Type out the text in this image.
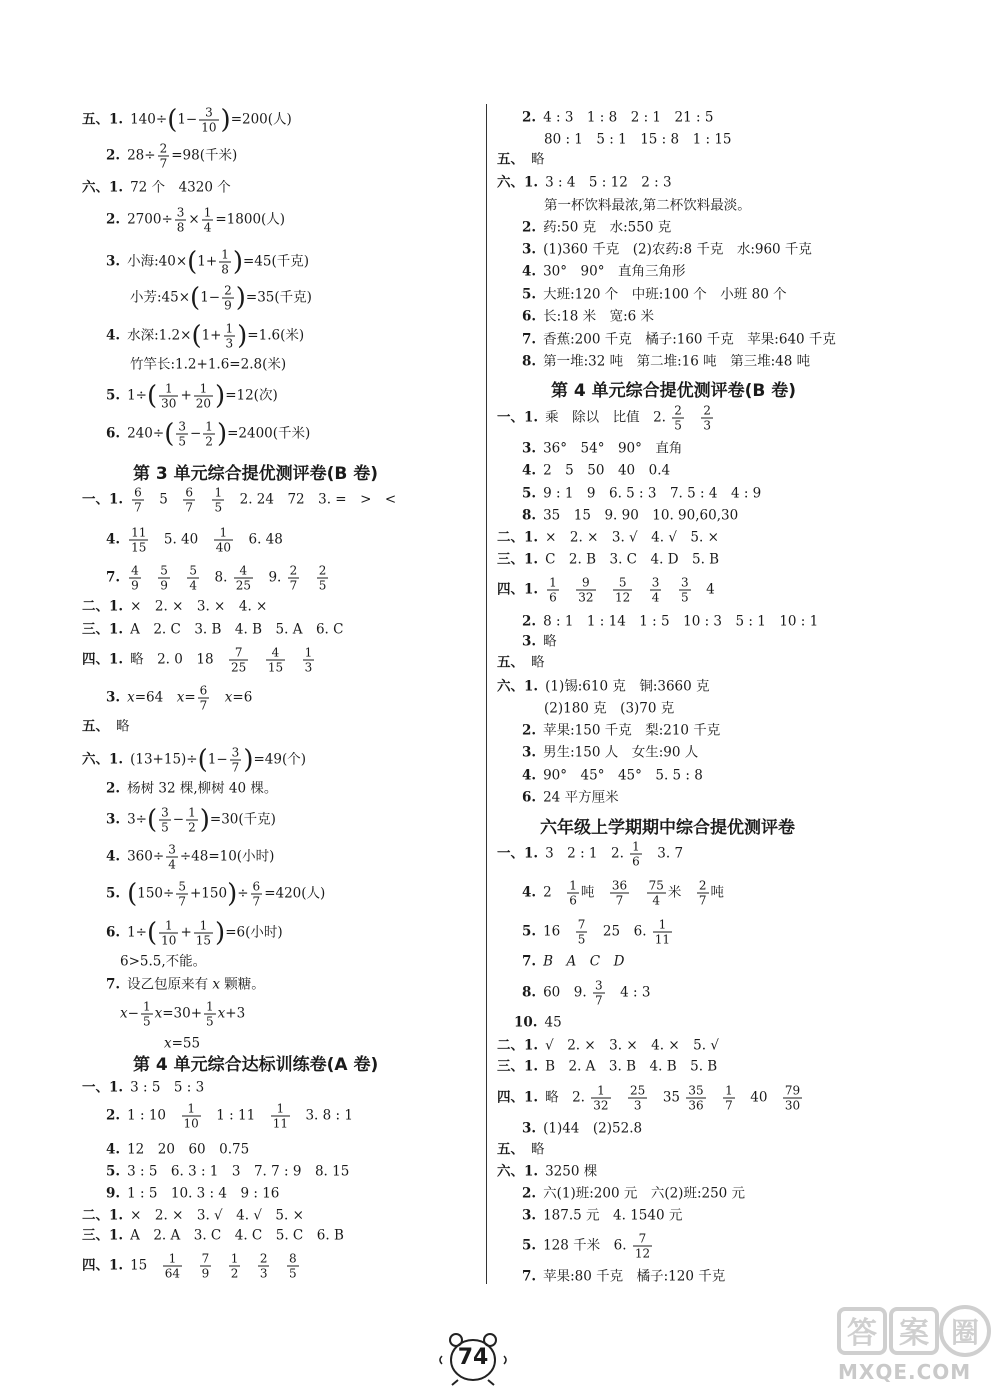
五、1. $140\div(1- \frac{3}{10} )=200$(人)
2. $28\div \frac{2}{7} =98$(千米)
六、1. 72 个　4320 个
2. $2700\div \frac{3}{8} \times \frac{1}{4} =1800$(人)
3. 小海:40×(1+ $\frac{1}{8} )=45$(千克)
小芳:45×(1− $\frac{2}{9} )=35$(千克)
4. 水深:1.2×(1+ $\frac{1}{3} )=1.6$(米)
竹竿长:1.2+1.6=2.8(米)
5. $1\div( \frac{1}{30} + \frac{1}{20} )=12$(次)
6. $240\div( \frac{3}{5} - \frac{1}{2} )=2400$(千米)
第 3 单元综合提优测评卷(B 卷)
一、1. $\frac{6}{7}$ 　5　 $\frac{6}{7}$
　 $\frac{1}{5}$ 　2. 24　72　3. =　>　<
4. $\frac{11}{15}$ 　5. 40　 $\frac{1}{40}$ 　6. 48
7. $\frac{4}{9}$
　 $\frac{5}{9}$
　 $\frac{5}{4}$ 　8. $\frac{4}{25}$ 　9. $\frac{2}{7}$
　 $\frac{2}{5}$
二、1. ×　2. ×　3. ×　4. ×
三、1. A　2. C　3. B　4. B　5. A　6. C
四、1. 略　2. 0　18　 $\frac{7}{25}$
　 $\frac{4}{15}$
　 $\frac{1}{3}$
3. x=64　$x= \frac{6}{7}$
　 x=6
五、 略
六、1. $(13+15)\div(1- \frac{3}{7} )=49$(个)
2. 杨树 32 棵,柳树 40 棵。
3. $3\div( \frac{3}{5} - \frac{1}{2} )=30$(千克)
4. $360\div \frac{3}{4} \div 48=10$(小时)
5. $(150\div \frac{5}{7} +150)\div \frac{6}{7} =420$(人)
6. $1\div( \frac{1}{10} + \frac{1}{15} )=6$(小时)
6>5.5,不能。
7. 设乙包原来有 x 颗糖。
$x- \frac{1}{5} x=30+ \frac{1}{5} x+3$
x=55
第 4 单元综合达标训练卷(A 卷)
一、1. 3 : 5　5 : 3
2. 1 : 10　 $\frac{1}{10}$ 　1 : 11　 $\frac{1}{11}$ 　3. 8 : 1
4. 12　20　60　0.75
5. 3 : 5　6. 3 : 1　3　7. 7 : 9　8. 15
9. 1 : 5　10. 3 : 4　9 : 16
二、1. ×　2. ×　3. √　4. √　5. ×
三、1. A　2. A　3. C　4. C　5. C　6. B
四、1. 15　 $\frac{1}{64}$
　 $\frac{7}{9}$
　 $\frac{1}{2}$
　 $\frac{2}{3}$
　 $\frac{8}{5}$
2. 4 : 3　1 : 8　2 : 1　21 : 5
80 : 1　5 : 1　15 : 8　1 : 15
五、 略
六、1. 3 : 4　5 : 12　2 : 3
第一杯饮料最浓,第二杯饮料最淡。
2. 药:50 克　水:550 克
3. (1)360 千克　(2)农药:8 千克　水:960 千克
4. 30°　90°　直角三角形
5. 大班:120 个　中班:100 个　小班 80 个
6. 长:18 米　宽:6 米
7. 香蕉:200 千克　橘子:160 千克　苹果:640 千克
8. 第一堆:32 吨　第二堆:16 吨　第三堆:48 吨
第 4 单元综合提优测评卷(B 卷)
一、1. 乘　除以　比值　2. $\frac{2}{5}$
　 $\frac{2}{3}$
3. 36°　54°　90°　直角
4. 2　5　50　40　0.4
5. 9 : 1　9　6. 5 : 3　7. 5 : 4　4 : 9
8. 35　15　9. 90　10. 90,60,30
二、1. ×　2. ×　3. √　4. √　5. ×
三、1. C　2. B　3. C　4. D　5. B
四、1. $\frac{1}{6}$
　 $\frac{9}{32}$
　 $\frac{5}{12}$
　 $\frac{3}{4}$
　 $\frac{3}{5}$ 　4
2. 8 : 1　1 : 14　1 : 5　10 : 3　5 : 1　10 : 1
3. 略
五、 略
六、1. (1)锡:610 克　铜:3660 克
(2)180 克　(3)70 克
2. 苹果:150 千克　梨:210 千克
3. 男生:150 人　女生:90 人
4. 90°　45°　45°　5. 5 : 8
6. 24 平方厘米
六年级上学期期中综合提优测评卷
一、1. 3　2 : 1　2. $\frac{1}{6}$ 　3. 7
4. 2　 $\frac{1}{6}$ 吨　 $\frac{36}{7}$
　 $\frac{75}{4}$ 米　 $\frac{2}{7}$ 吨
5. 16　 $\frac{7}{5}$ 　25　6. $\frac{1}{11}$
7. B　 A　 C　 D
8. 60　9. $\frac{3}{7}$ 　4 : 3
10. 45
二、1. √　2. ×　3. ×　4. ×　5. √
三、1. B　2. A　3. B　4. B　5. B
四、1. 略　2. $\frac{1}{32}$
　 $\frac{25}{3}$ 　$35 \frac{35}{36}$
　 $\frac{1}{7}$ 　40　 $\frac{79}{30}$
3. (1)44　(2)52.8
五、 略
六、1. 3250 棵
2. 六(1)班:200 元　六(2)班:250 元
3. 187.5 元　4. 1540 元
5. 128 千米　6. $\frac{7}{12}$
7. 苹果:80 千克　橘子:120 千克
74
答 案 圈
MXQE.COM
